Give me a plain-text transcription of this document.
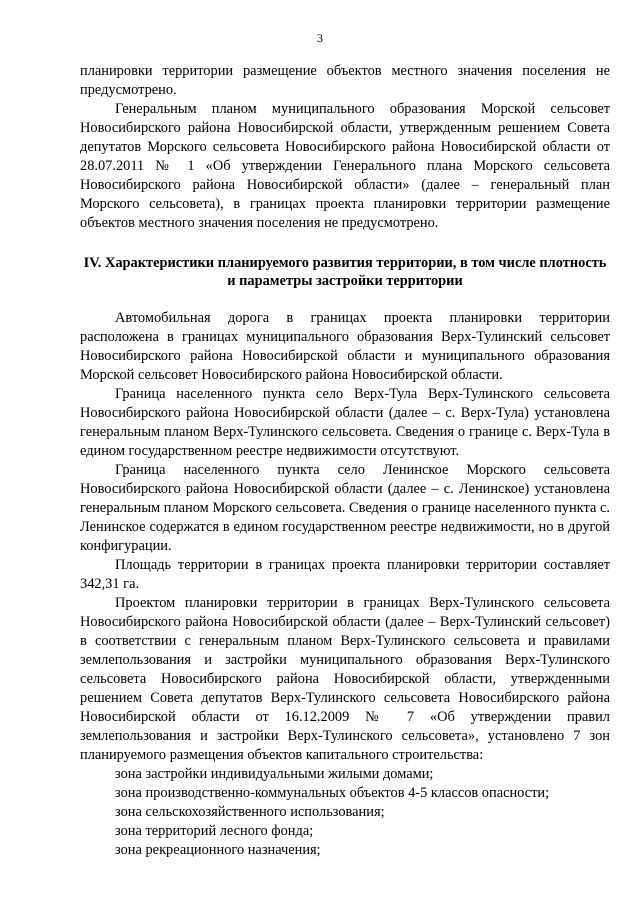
3

планировки территории размещение объектов местного значения поселения не предусмотрено.

Генеральным планом муниципального образования Морской сельсовет Новосибирского района Новосибирской области, утвержденным решением Совета депутатов Морского сельсовета Новосибирского района Новосибирской области от 28.07.2011 № 1 «Об утверждении Генерального плана Морского сельсовета Новосибирского района Новосибирской области» (далее – генеральный план Морского сельсовета), в границах проекта планировки территории размещение объектов местного значения поселения не предусмотрено.

IV. Характеристики планируемого развития территории, в том числе плотность и параметры застройки территории

Автомобильная дорога в границах проекта планировки территории расположена в границах муниципального образования Верх-Тулинский сельсовет Новосибирского района Новосибирской области и муниципального образования Морской сельсовет Новосибирского района Новосибирской области.

Граница населенного пункта село Верх-Тула Верх-Тулинского сельсовета Новосибирского района Новосибирской области (далее – с. Верх-Тула) установлена генеральным планом Верх-Тулинского сельсовета. Сведения о границе с. Верх-Тула в едином государственном реестре недвижимости отсутствуют.

Граница населенного пункта село Ленинское Морского сельсовета Новосибирского района Новосибирской области (далее – с. Ленинское) установлена генеральным планом Морского сельсовета. Сведения о границе населенного пункта с. Ленинское содержатся в едином государственном реестре недвижимости, но в другой конфигурации.

Площадь территории в границах проекта планировки территории составляет 342,31 га.

Проектом планировки территории в границах Верх-Тулинского сельсовета Новосибирского района Новосибирской области (далее – Верх-Тулинский сельсовет) в соответствии с генеральным планом Верх-Тулинского сельсовета и правилами землепользования и застройки муниципального образования Верх-Тулинского сельсовета Новосибирского района Новосибирской области, утвержденными решением Совета депутатов Верх-Тулинского сельсовета Новосибирского района Новосибирской области от 16.12.2009 № 7 «Об утверждении правил землепользования и застройки Верх-Тулинского сельсовета», установлено 7 зон планируемого размещения объектов капитального строительства:

зона застройки индивидуальными жилыми домами;

зона производственно-коммунальных объектов 4-5 классов опасности;

зона сельскохозяйственного использования;

зона территорий лесного фонда;

зона рекреационного назначения;
